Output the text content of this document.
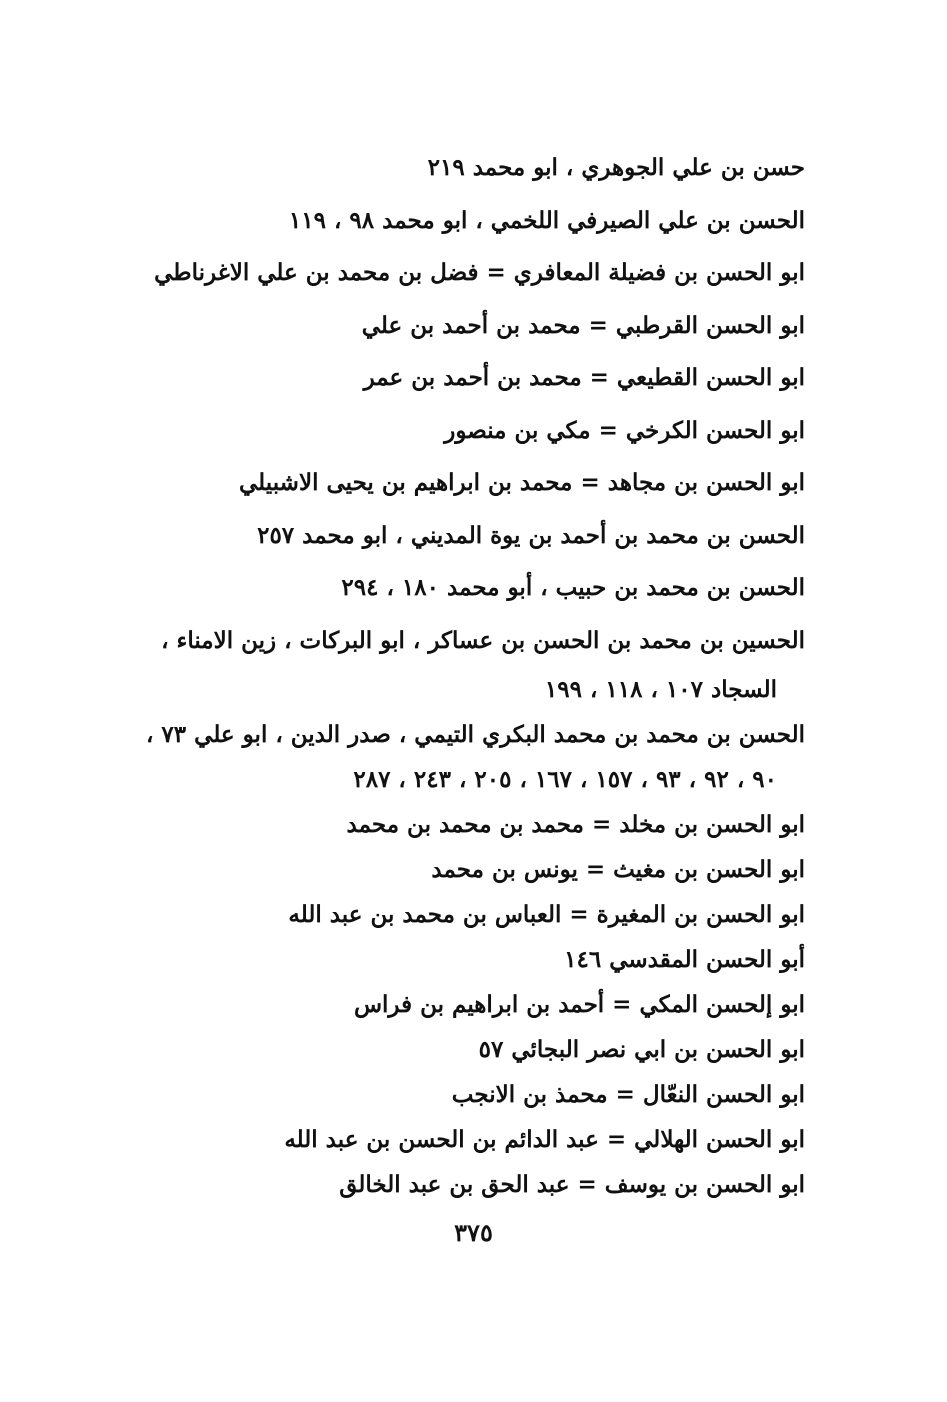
حسن بن علي الجوهري ، ابو محمد ٢١٩
الحسن بن علي الصيرفي اللخمي ، ابو محمد ٩٨ ، ١١٩
ابو الحسن بن فضيلة المعافري = فضل بن محمد بن علي الاغرناطي
ابو الحسن القرطبي = محمد بن أحمد بن علي
ابو الحسن القطيعي = محمد بن أحمد بن عمر
ابو الحسن الكرخي = مكي بن منصور
ابو الحسن بن مجاهد = محمد بن ابراهيم بن يحيى الاشبيلي
الحسن بن محمد بن أحمد بن يوة المديني ، ابو محمد ٢٥٧
الحسن بن محمد بن حبيب ، أبو محمد ١٨٠ ، ٢٩٤
الحسين بن محمد بن الحسن بن عساكر ، ابو البركات ، زين الامناء ،
السجاد ١٠٧ ، ١١٨ ، ١٩٩
الحسن بن محمد بن محمد البكري التيمي ، صدر الدين ، ابو علي ٧٣ ،
٩٠ ، ٩٢ ، ٩٣ ، ١٥٧ ، ١٦٧ ، ٢٠٥ ، ٢٤٣ ، ٢٨٧
ابو الحسن بن مخلد = محمد بن محمد بن محمد
ابو الحسن بن مغيث = يونس بن محمد
ابو الحسن بن المغيرة = العباس بن محمد بن عبد الله
أبو الحسن المقدسي ١٤٦
ابو إلحسن المكي = أحمد بن ابراهيم بن فراس
ابو الحسن بن ابي نصر البجائي ٥٧
ابو الحسن النعّال = محمذ بن الانجب
ابو الحسن الهلالي = عبد الدائم بن الحسن بن عبد الله
ابو الحسن بن يوسف = عبد الحق بن عبد الخالق
٣٧٥
